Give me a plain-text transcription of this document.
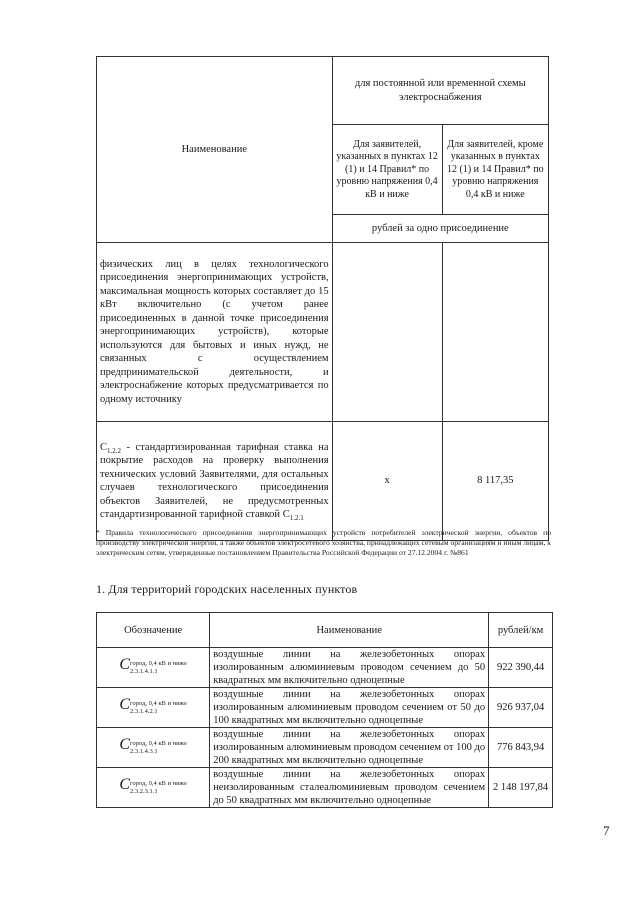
Наименование	для постоянной или временной схемы электроснабжения	
	Для заявителей, указанных в пунктах 12 (1) и 14 Правил* по уровню напряжения 0,4 кВ и ниже	Для заявителей, кроме указанных в пунктах 12 (1) и 14 Правил* по уровню напряжения 0,4 кВ и ниже
	рублей за одно присоединение	
физических лиц в целях технологического присоединения энергопринимающих устройств, максимальная мощность которых составляет до 15 кВт включительно (с учетом ранее присоединенных в данной точке присоединения энергопринимающих устройств), которые используются для бытовых и иных нужд, не связанных с осуществлением предпринимательской деятельности, и электроснабжение которых предусматривается по одному источнику		
$C_{1.2.2}$ - стандартизированная тарифная ставка на покрытие расходов на проверку выполнения технических условий Заявителями, для остальных случаев технологического присоединения объектов Заявителей, не предусмотренных стандартизированной тарифной ставкой $C_{1.2.1}$	x	8 117,35
* Правила технологического присоединения энергопринимающих устройств потребителей электрической энергии, объектов по производству электрической энергии, а также объектов электросетевого хозяйства, принадлежащих сетевым организациям и иным лицам, к электрическим сетям, утвержденные постановлением Правительства Российской Федерации от 27.12.2004 г. №861
1. Для территорий городских населенных пунктов
Обозначение	Наименование	рублей/км
Cгород, 0,4 кВ и ниже
2.3.1.4.1.1	воздушные линии на железобетонных опорах изолированным алюминиевым проводом сечением до 50 квадратных мм включительно одноцепные	922 390,44
Cгород, 0,4 кВ и ниже
2.3.1.4.2.1	воздушные линии на железобетонных опорах изолированным алюминиевым проводом сечением от 50 до 100 квадратных мм включительно одноцепные	926 937,04
Cгород, 0,4 кВ и ниже
2.3.1.4.3.1	воздушные линии на железобетонных опорах изолированным алюминиевым проводом сечением от 100 до 200 квадратных мм включительно одноцепные	776 843,94
Cгород, 0,4 кВ и ниже
2.3.2.3.1.1	воздушные линии на железобетонных опорах неизолированным сталеалюминиевым проводом сечением до 50 квадратных мм включительно одноцепные	2 148 197,84
7
